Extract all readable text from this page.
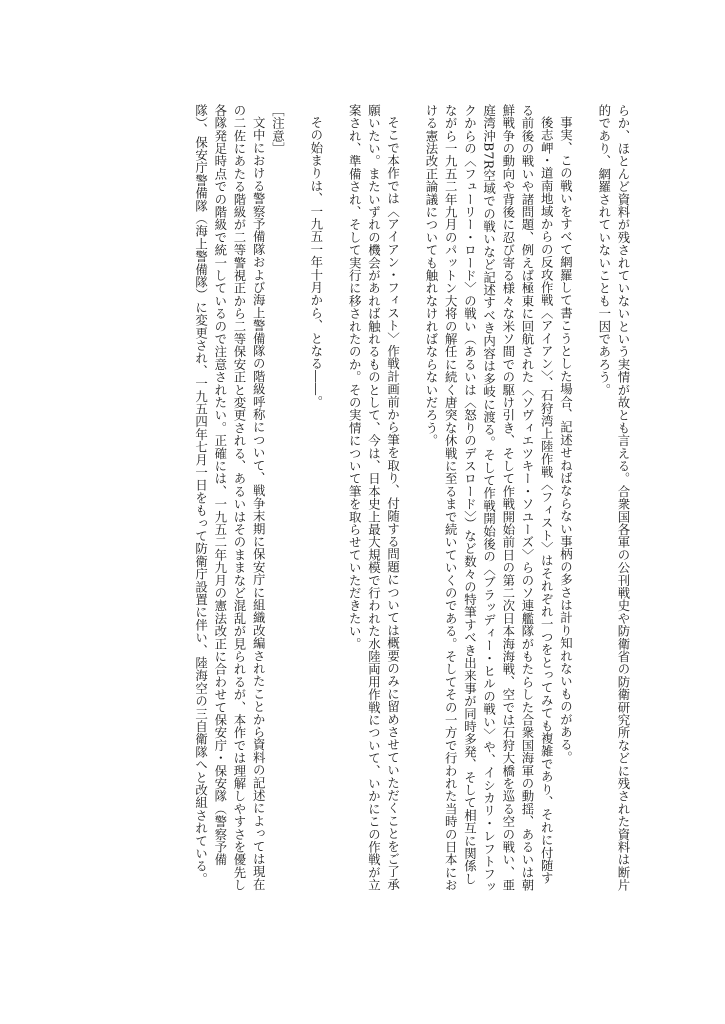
らか、ほとんど資料が残されていないという実情が故とも言える。合衆国各軍の公刊戦史や防衛省の防衛研究所などに残された資料は断片的であり、網羅されていないことも一因であろう。

事実、この戦いをすべて網羅して書こうとした場合、記述せねばならない事柄の多さは計り知れないものがある。

後志岬・道南地域からの反攻作戦〈アイアン〉、石狩湾上陸作戦〈フィスト〉はそれぞれ一つをとってみても複雑であり、それに付随する前後の戦いや諸問題、例えば極東に回航された〈ソヴィエツキー・ソユーズ〉らのソ連艦隊がもたらした合衆国海軍の動揺、あるいは朝鮮戦争の動向や背後に忍び寄る様々な米ソ間での駆け引き、そして作戦開始前日の第二次日本海海戦、空では石狩大橋を巡る空の戦い、亜庭湾沖B7R空域での戦いなど記述すべき内容は多岐に渡る。そして作戦開始後の〈ブラッディー・ヒルの戦い〉や、イシカリ・レフトフックからの〈フューリー・ロード〉の戦い（あるいは〈怒りのデスロード〉）など数々の特筆すべき出来事が同時多発、そして相互に関係しながら一九五二年九月のパットン大将の解任に続く唐突な休戦に至るまで続いていくのである。そしてその一方で行われた当時の日本における憲法改正論議についても触れなければならないだろう。

そこで本作では〈アイアン・フィスト〉作戦計画前から筆を取り、付随する問題については概要のみに留めさせていただくことをご了承願いたい。またいずれの機会があれば触れるものとして、今は、日本史上最大規模で行われた水陸両用作戦について、いかにこの作戦が立案され、準備され、そして実行に移されたのか。その実情について筆を取らせていただきたい。

その始まりは、一九五一年十月から、となる――。

［注意］

文中における警察予備隊および海上警備隊の階級呼称について、戦争末期に保安庁に組織改編されたことから資料の記述によっては現在の二佐にあたる階級が二等警視正から二等保安正と変更される、あるいはそのままなど混乱が見られるが、本作では理解しやすさを優先し各隊発足時点での階級で統一しているので注意されたい。正確には、一九五二年九月の憲法改正に合わせて保安庁・保安隊（警察予備隊）、保安庁警備隊（海上警備隊）に変更され、一九五四年七月一日をもって防衛庁設置に伴い、陸海空の三自衛隊へと改組されている。
